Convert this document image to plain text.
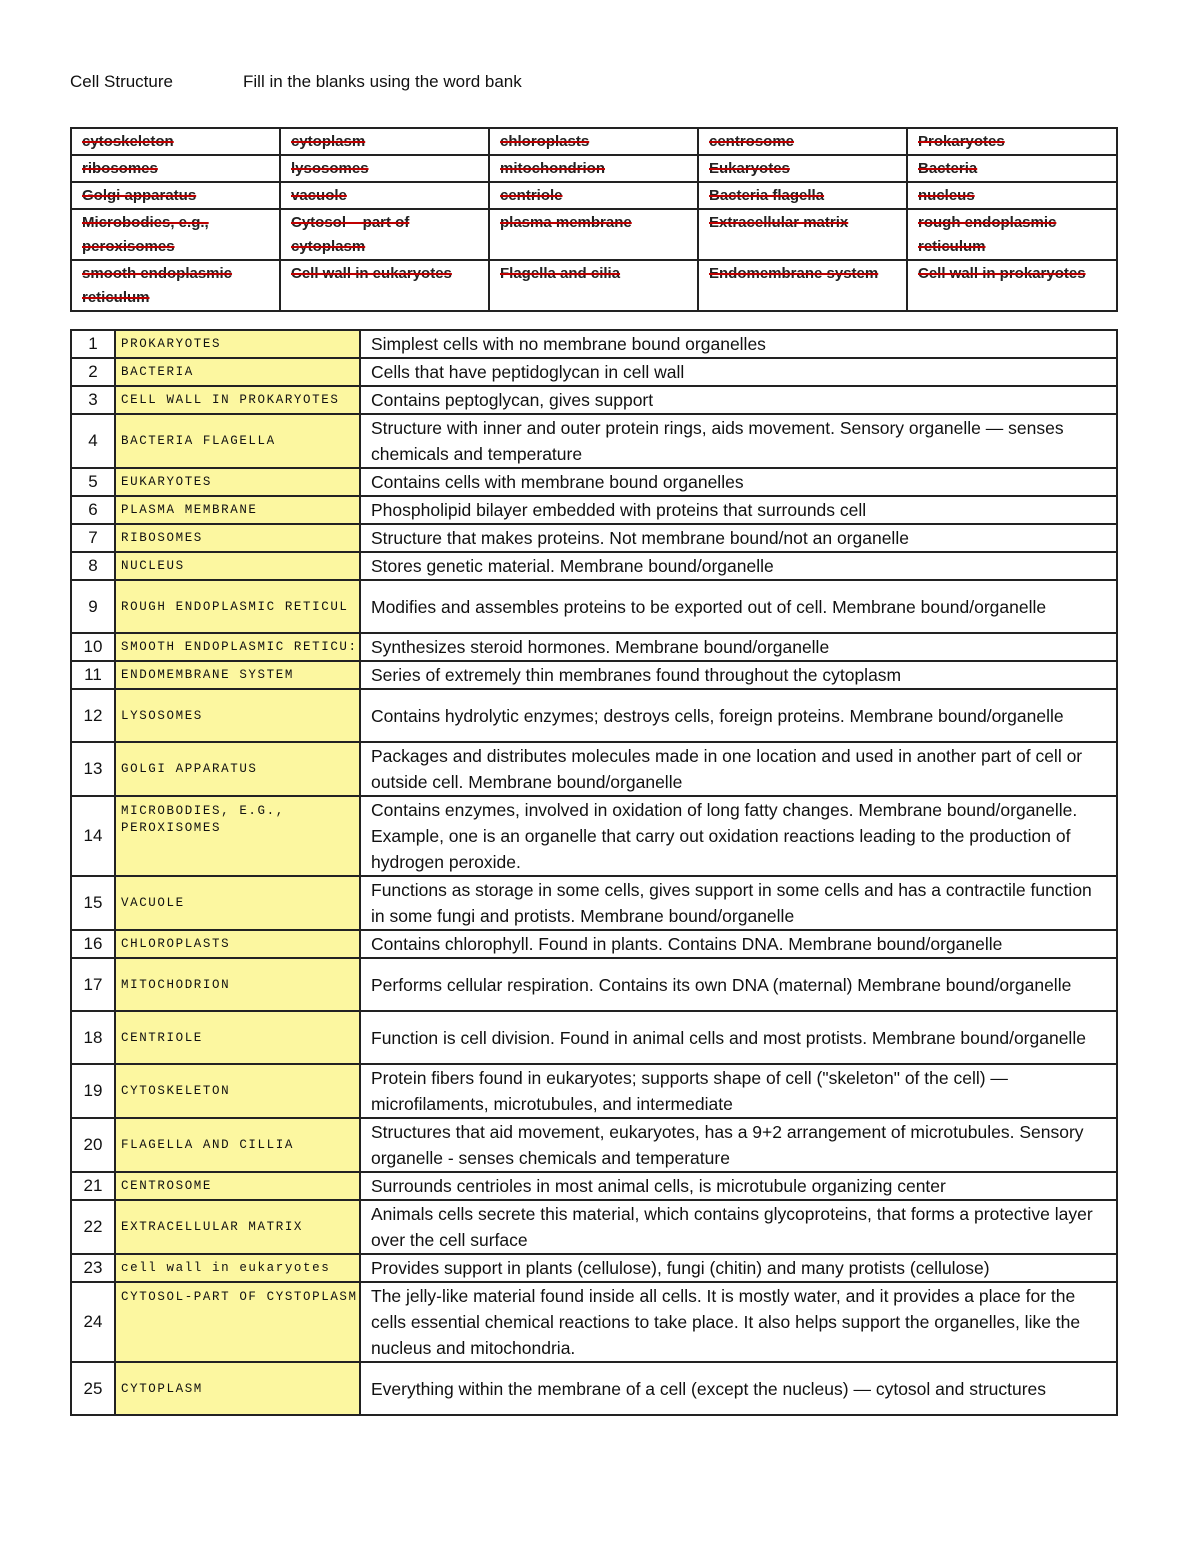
Cell Structure	Fill in the blanks using the word bank
cytoskeleton	cytoplasm	chloroplasts	centrosome	Prokaryotes
ribosomes	lysosomes	mitochondrion	Eukaryotes	Bacteria
Golgi apparatus	vacuole	centriole	Bacteria flagella	nucleus
Microbodies, e.g., peroxisomes	Cytosol – part of cytoplasm	plasma membrane	Extracellular matrix	rough endoplasmic reticulum
smooth endoplasmic reticulum	Cell wall in eukaryotes	Flagella and cilia	Endomembrane system	Cell wall in prokaryotes
1	PROKARYOTES	Simplest cells with no membrane bound organelles
2	BACTERIA	Cells that have peptidoglycan in cell wall
3	CELL WALL IN PROKARYOTES	Contains peptoglycan, gives support
4	BACTERIA FLAGELLA	Structure with inner and outer protein rings, aids movement. Sensory organelle — senses chemicals and temperature
5	EUKARYOTES	Contains cells with membrane bound organelles
6	PLASMA MEMBRANE	Phospholipid bilayer embedded with proteins that surrounds cell
7	RIBOSOMES	Structure that makes proteins. Not membrane bound/not an organelle
8	NUCLEUS	Stores genetic material. Membrane bound/organelle
9	ROUGH ENDOPLASMIC RETICUL	Modifies and assembles proteins to be exported out of cell. Membrane bound/organelle
10	SMOOTH ENDOPLASMIC RETICU:	Synthesizes steroid hormones. Membrane bound/organelle
11	ENDOMEMBRANE SYSTEM	Series of extremely thin membranes found throughout the cytoplasm
12	LYSOSOMES	Contains hydrolytic enzymes; destroys cells, foreign proteins. Membrane bound/organelle
13	GOLGI APPARATUS	Packages and distributes molecules made in one location and used in another part of cell or outside cell. Membrane bound/organelle
14	MICROBODIES, E.G., PEROXISOMES	Contains enzymes, involved in oxidation of long fatty changes. Membrane bound/organelle. Example, one is an organelle that carry out oxidation reactions leading to the production of hydrogen peroxide.
15	VACUOLE	Functions as storage in some cells, gives support in some cells and has a contractile function in some fungi and protists. Membrane bound/organelle
16	CHLOROPLASTS	Contains chlorophyll. Found in plants. Contains DNA. Membrane bound/organelle
17	MITOCHODRION	Performs cellular respiration. Contains its own DNA (maternal) Membrane bound/organelle
18	CENTRIOLE	Function is cell division. Found in animal cells and most protists. Membrane bound/organelle
19	CYTOSKELETON	Protein fibers found in eukaryotes; supports shape of cell ("skeleton" of the cell) — microfilaments, microtubules, and intermediate
20	FLAGELLA AND CILLIA	Structures that aid movement, eukaryotes, has a 9+2 arrangement of microtubules. Sensory organelle - senses chemicals and temperature
21	CENTROSOME	Surrounds centrioles in most animal cells, is microtubule organizing center
22	EXTRACELLULAR MATRIX	Animals cells secrete this material, which contains glycoproteins, that forms a protective layer over the cell surface
23	cell wall in eukaryotes	Provides support in plants (cellulose), fungi (chitin) and many protists (cellulose)
24	CYTOSOL-PART OF CYSTOPLASM	The jelly-like material found inside all cells. It is mostly water, and it provides a place for the cells essential chemical reactions to take place. It also helps support the organelles, like the nucleus and mitochondria.
25	CYTOPLASM	Everything within the membrane of a cell (except the nucleus) — cytosol and structures
